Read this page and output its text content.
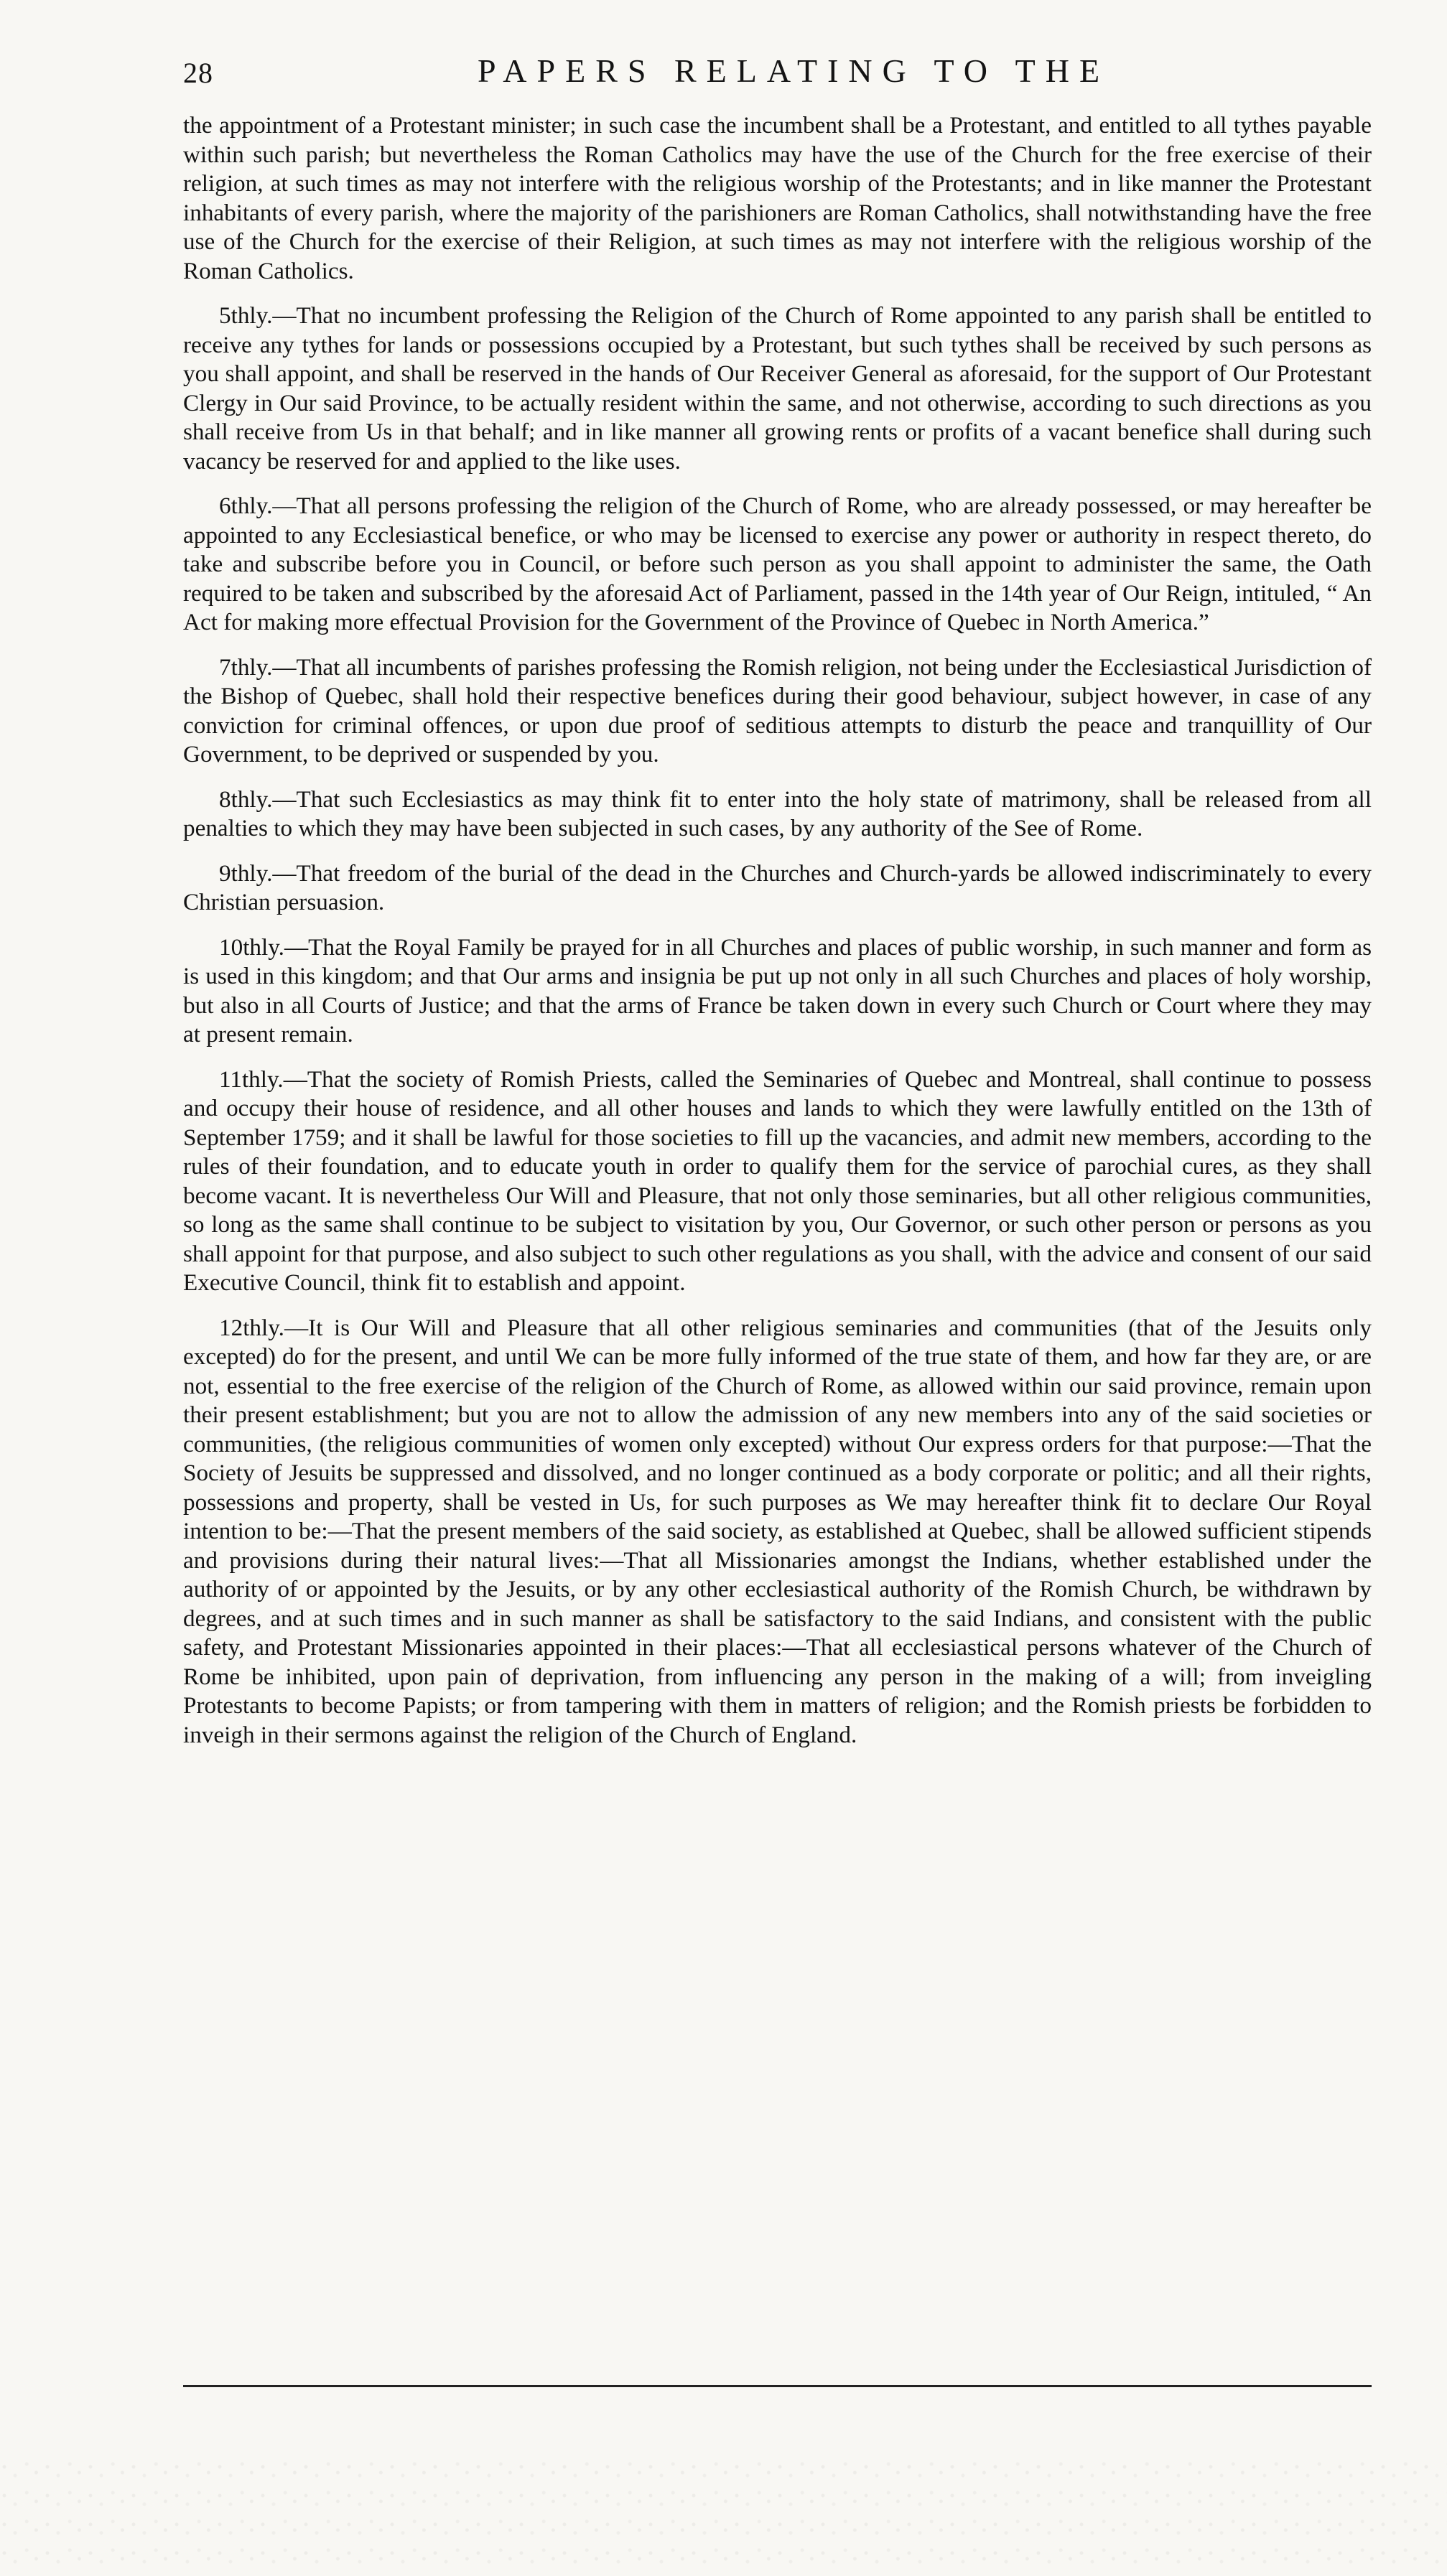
28	PAPERS RELATING TO THE

the appointment of a Protestant minister; in such case the incumbent shall be a Protestant, and entitled to all tythes payable within such parish; but nevertheless the Roman Catholics may have the use of the Church for the free exercise of their religion, at such times as may not interfere with the religious worship of the Protestants; and in like manner the Protestant inhabitants of every parish, where the majority of the parishioners are Roman Catholics, shall notwithstanding have the free use of the Church for the exercise of their Religion, at such times as may not interfere with the religious worship of the Roman Catholics.

5thly.—That no incumbent professing the Religion of the Church of Rome appointed to any parish shall be entitled to receive any tythes for lands or possessions occupied by a Protestant, but such tythes shall be received by such persons as you shall appoint, and shall be reserved in the hands of Our Receiver General as aforesaid, for the support of Our Protestant Clergy in Our said Province, to be actually resident within the same, and not otherwise, according to such directions as you shall receive from Us in that behalf; and in like manner all growing rents or profits of a vacant benefice shall during such vacancy be reserved for and applied to the like uses.

6thly.—That all persons professing the religion of the Church of Rome, who are already possessed, or may hereafter be appointed to any Ecclesiastical benefice, or who may be licensed to exercise any power or authority in respect thereto, do take and subscribe before you in Council, or before such person as you shall appoint to administer the same, the Oath required to be taken and subscribed by the aforesaid Act of Parliament, passed in the 14th year of Our Reign, intituled, “ An Act for making more effectual Provision for the Government of the Province of Quebec in North America.”

7thly.—That all incumbents of parishes professing the Romish religion, not being under the Ecclesiastical Jurisdiction of the Bishop of Quebec, shall hold their respective benefices during their good behaviour, subject however, in case of any conviction for criminal offences, or upon due proof of seditious attempts to disturb the peace and tranquillity of Our Government, to be deprived or suspended by you.

8thly.—That such Ecclesiastics as may think fit to enter into the holy state of matrimony, shall be released from all penalties to which they may have been subjected in such cases, by any authority of the See of Rome.

9thly.—That freedom of the burial of the dead in the Churches and Church-yards be allowed indiscriminately to every Christian persuasion.

10thly.—That the Royal Family be prayed for in all Churches and places of public worship, in such manner and form as is used in this kingdom; and that Our arms and insignia be put up not only in all such Churches and places of holy worship, but also in all Courts of Justice; and that the arms of France be taken down in every such Church or Court where they may at present remain.

11thly.—That the society of Romish Priests, called the Seminaries of Quebec and Montreal, shall continue to possess and occupy their house of residence, and all other houses and lands to which they were lawfully entitled on the 13th of September 1759; and it shall be lawful for those societies to fill up the vacancies, and admit new members, according to the rules of their foundation, and to educate youth in order to qualify them for the service of parochial cures, as they shall become vacant. It is nevertheless Our Will and Pleasure, that not only those seminaries, but all other religious communities, so long as the same shall continue to be subject to visitation by you, Our Governor, or such other person or persons as you shall appoint for that purpose, and also subject to such other regulations as you shall, with the advice and consent of our said Executive Council, think fit to establish and appoint.

12thly.—It is Our Will and Pleasure that all other religious seminaries and communities (that of the Jesuits only excepted) do for the present, and until We can be more fully informed of the true state of them, and how far they are, or are not, essential to the free exercise of the religion of the Church of Rome, as allowed within our said province, remain upon their present establishment; but you are not to allow the admission of any new members into any of the said societies or communities, (the religious communities of women only excepted) without Our express orders for that purpose:—That the Society of Jesuits be suppressed and dissolved, and no longer continued as a body corporate or politic; and all their rights, possessions and property, shall be vested in Us, for such purposes as We may hereafter think fit to declare Our Royal intention to be:—That the present members of the said society, as established at Quebec, shall be allowed sufficient stipends and provisions during their natural lives:—That all Missionaries amongst the Indians, whether established under the authority of or appointed by the Jesuits, or by any other ecclesiastical authority of the Romish Church, be withdrawn by degrees, and at such times and in such manner as shall be satisfactory to the said Indians, and consistent with the public safety, and Protestant Missionaries appointed in their places:—That all ecclesiastical persons whatever of the Church of Rome be inhibited, upon pain of deprivation, from influencing any person in the making of a will; from inveigling Protestants to become Papists; or from tampering with them in matters of religion; and the Romish priests be forbidden to inveigh in their sermons against the religion of the Church of England.
